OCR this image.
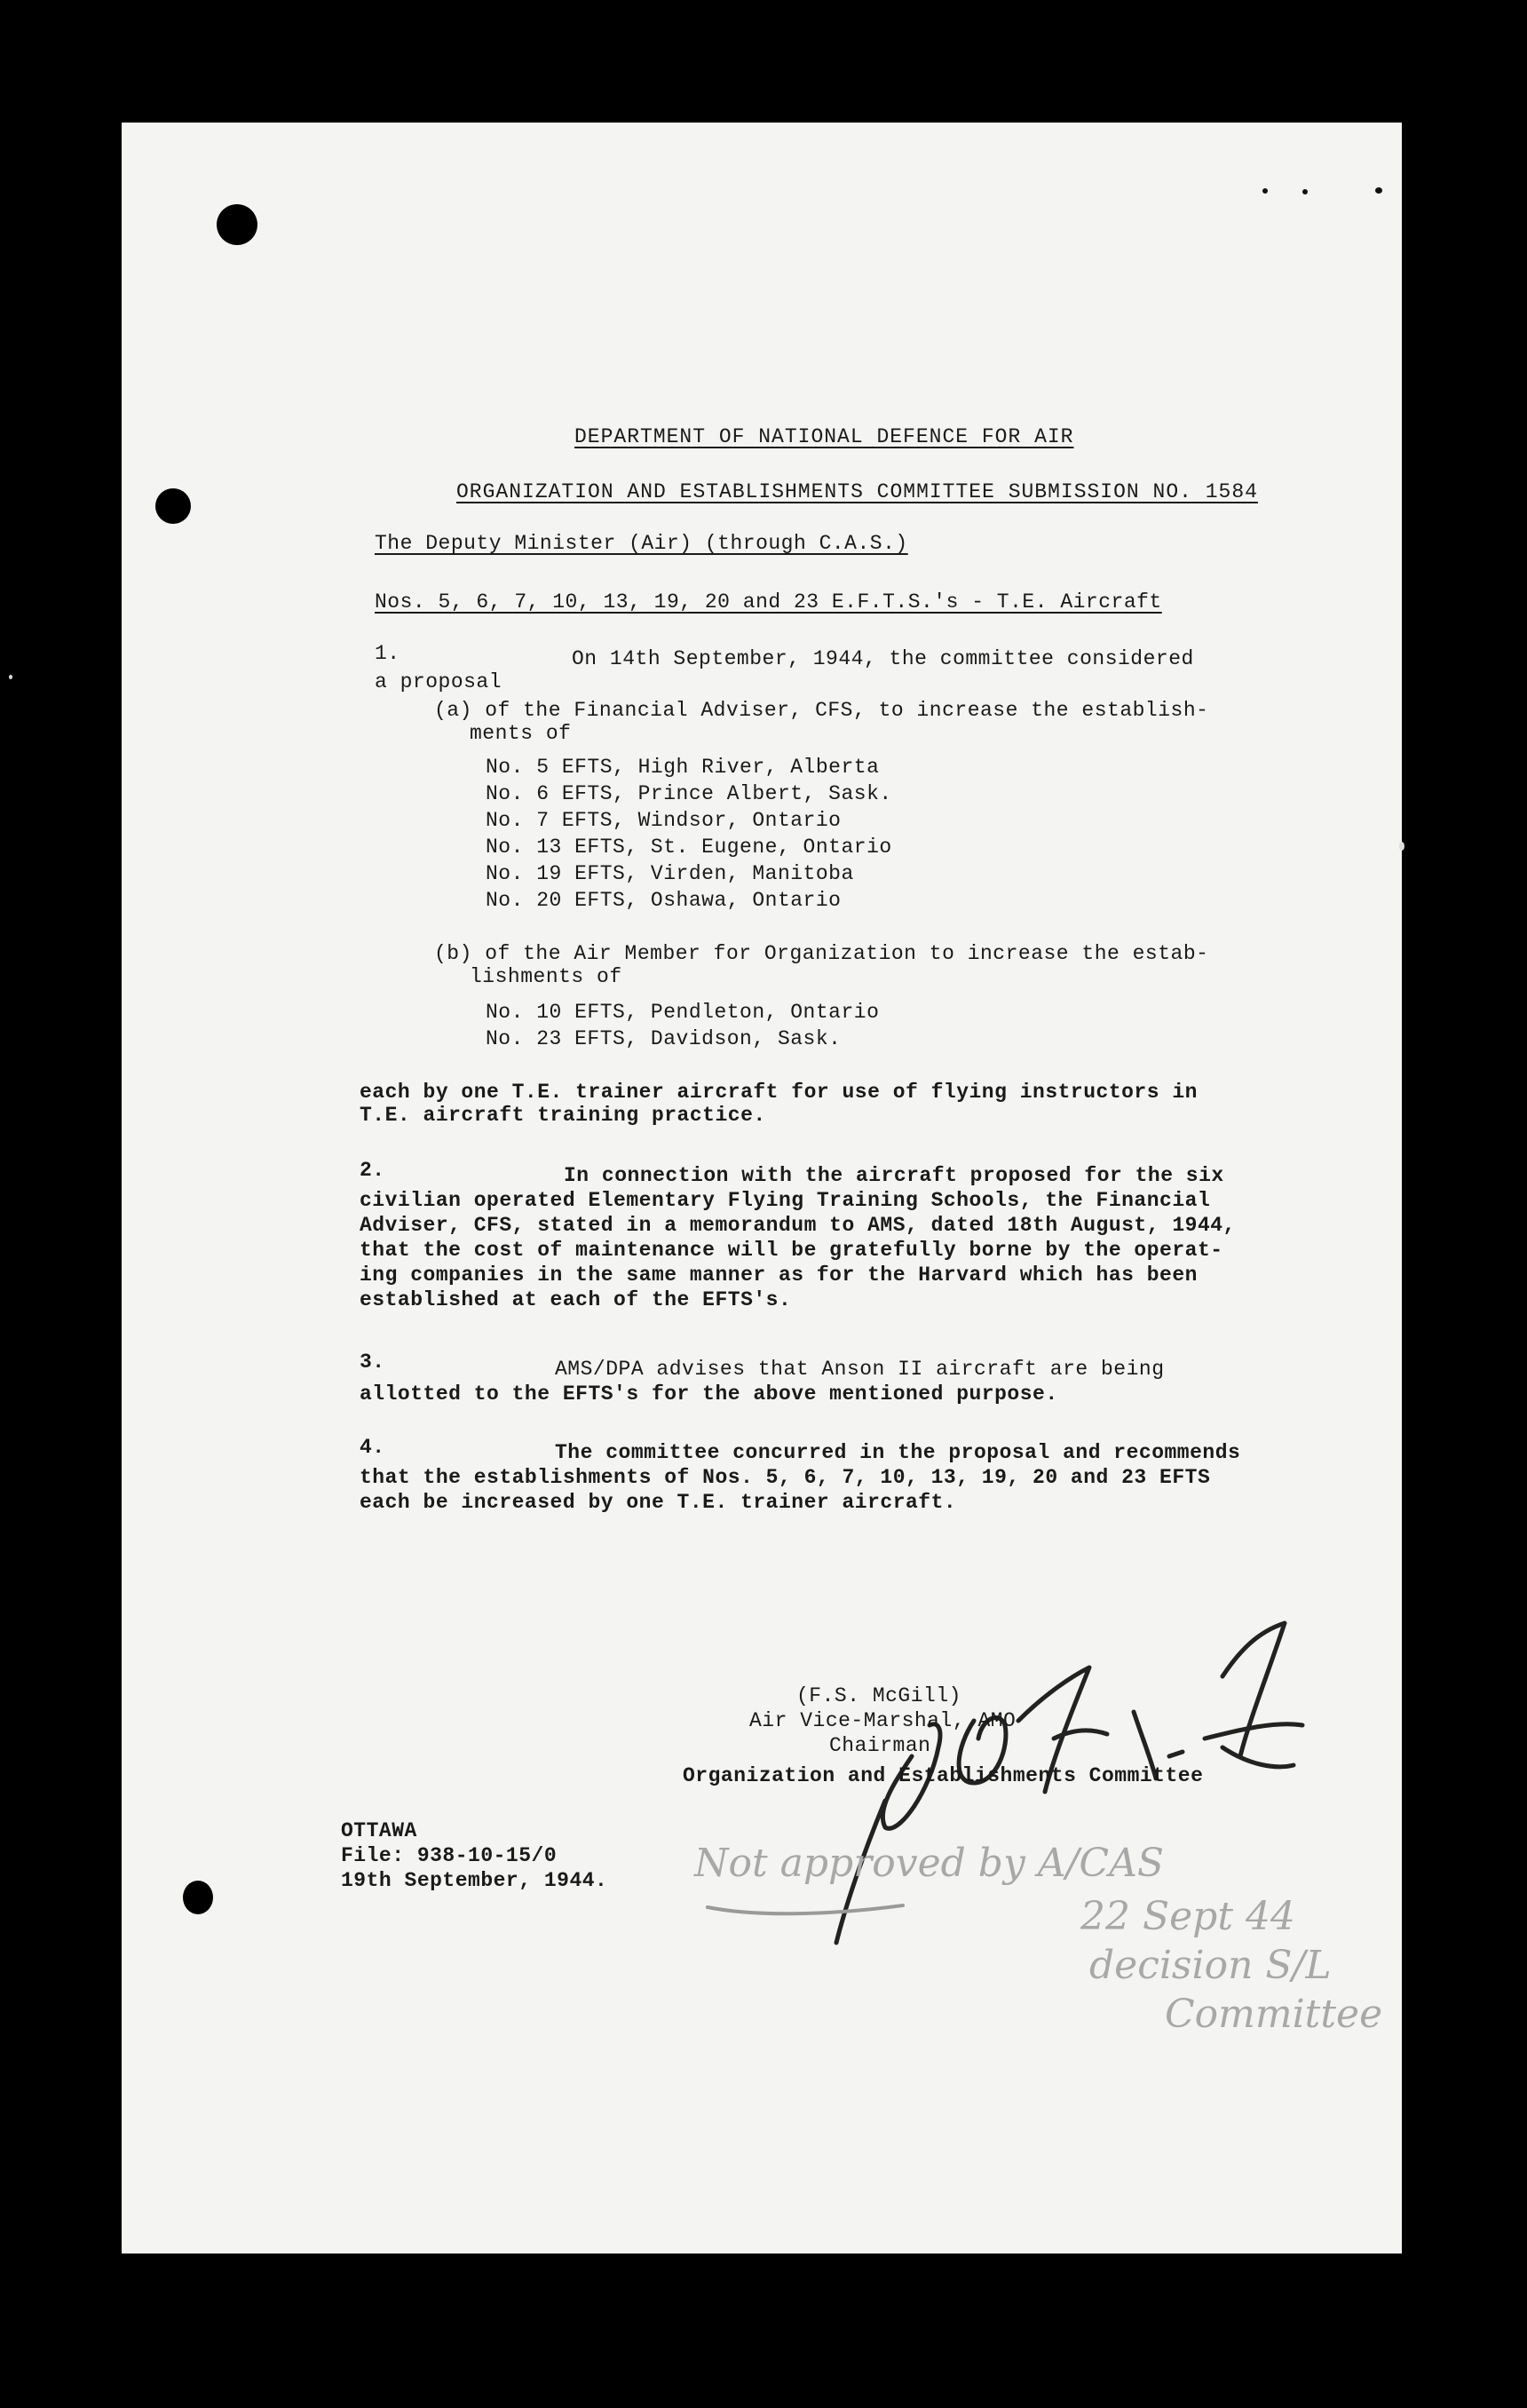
DEPARTMENT OF NATIONAL DEFENCE FOR AIR
ORGANIZATION AND ESTABLISHMENTS COMMITTEE SUBMISSION NO. 1584
The Deputy Minister (Air) (through C.A.S.)
Nos. 5, 6, 7, 10, 13, 19, 20 and 23 E.F.T.S.'s - T.E. Aircraft
1.	On 14th September, 1944, the committee considered
a proposal
(a) of the Financial Adviser, CFS, to increase the establish-
ments of
No. 5 EFTS, High River, Alberta
No. 6 EFTS, Prince Albert, Sask.
No. 7 EFTS, Windsor, Ontario
No. 13 EFTS, St. Eugene, Ontario
No. 19 EFTS, Virden, Manitoba
No. 20 EFTS, Oshawa, Ontario
(b) of the Air Member for Organization to increase the estab-
lishments of
No. 10 EFTS, Pendleton, Ontario
No. 23 EFTS, Davidson, Sask.
each by one T.E. trainer aircraft for use of flying instructors in
T.E. aircraft training practice.
2.	In connection with the aircraft proposed for the six
civilian operated Elementary Flying Training Schools, the Financial
Adviser, CFS, stated in a memorandum to AMS, dated 18th August, 1944,
that the cost of maintenance will be gratefully borne by the operat-
ing companies in the same manner as for the Harvard which has been
established at each of the EFTS's.
3.	AMS/DPA advises that Anson II aircraft are being
allotted to the EFTS's for the above mentioned purpose.
4.	The committee concurred in the proposal and recommends
that the establishments of Nos. 5, 6, 7, 10, 13, 19, 20 and 23 EFTS
each be increased by one T.E. trainer aircraft.
(F.S. McGill)
Air Vice-Marshal, AMO
Chairman
Organization and Establishments Committee
OTTAWA
File: 938-10-15/0
19th September, 1944. Not approved by A/CAS
22 Sept 44
decision S/L
Committee
